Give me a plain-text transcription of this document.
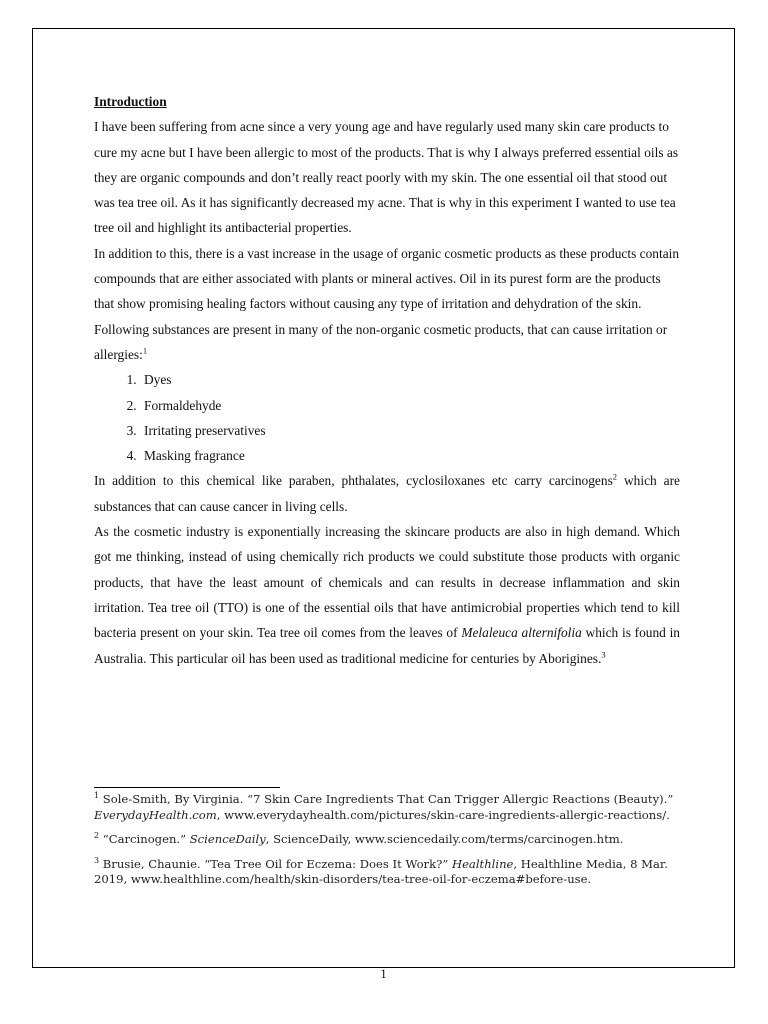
Introduction

I have been suffering from acne since a very young age and have regularly used many skin care products to cure my acne but I have been allergic to most of the products. That is why I always preferred essential oils as they are organic compounds and don’t really react poorly with my skin. The one essential oil that stood out was tea tree oil. As it has significantly decreased my acne. That is why in this experiment I wanted to use tea tree oil and highlight its antibacterial properties.

In addition to this, there is a vast increase in the usage of organic cosmetic products as these products contain compounds that are either associated with plants or mineral actives. Oil in its purest form are the products that show promising healing factors without causing any type of irritation and dehydration of the skin.

Following substances are present in many of the non-organic cosmetic products, that can cause irritation or allergies:$^1$

1. Dyes
2. Formaldehyde
3. Irritating preservatives
4. Masking fragrance

In addition to this chemical like paraben, phthalates, cyclosiloxanes etc carry carcinogens$^2$ which are substances that can cause cancer in living cells.

As the cosmetic industry is exponentially increasing the skincare products are also in high demand. Which got me thinking, instead of using chemically rich products we could substitute those products with organic products, that have the least amount of chemicals and can results in decrease inflammation and skin irritation. Tea tree oil (TTO) is one of the essential oils that have antimicrobial properties which tend to kill bacteria present on your skin. Tea tree oil comes from the leaves of Melaleuca alternifolia which is found in Australia. This particular oil has been used as traditional medicine for centuries by Aborigines.$^3$

$^1$ Sole-Smith, By Virginia. “7 Skin Care Ingredients That Can Trigger Allergic Reactions (Beauty).” EverydayHealth.com, www.everydayhealth.com/pictures/skin-care-ingredients-allergic-reactions/.

$^2$ “Carcinogen.” ScienceDaily, ScienceDaily, www.sciencedaily.com/terms/carcinogen.htm.

$^3$ Brusie, Chaunie. “Tea Tree Oil for Eczema: Does It Work?” Healthline, Healthline Media, 8 Mar. 2019, www.healthline.com/health/skin-disorders/tea-tree-oil-for-eczema#before-use.

1
